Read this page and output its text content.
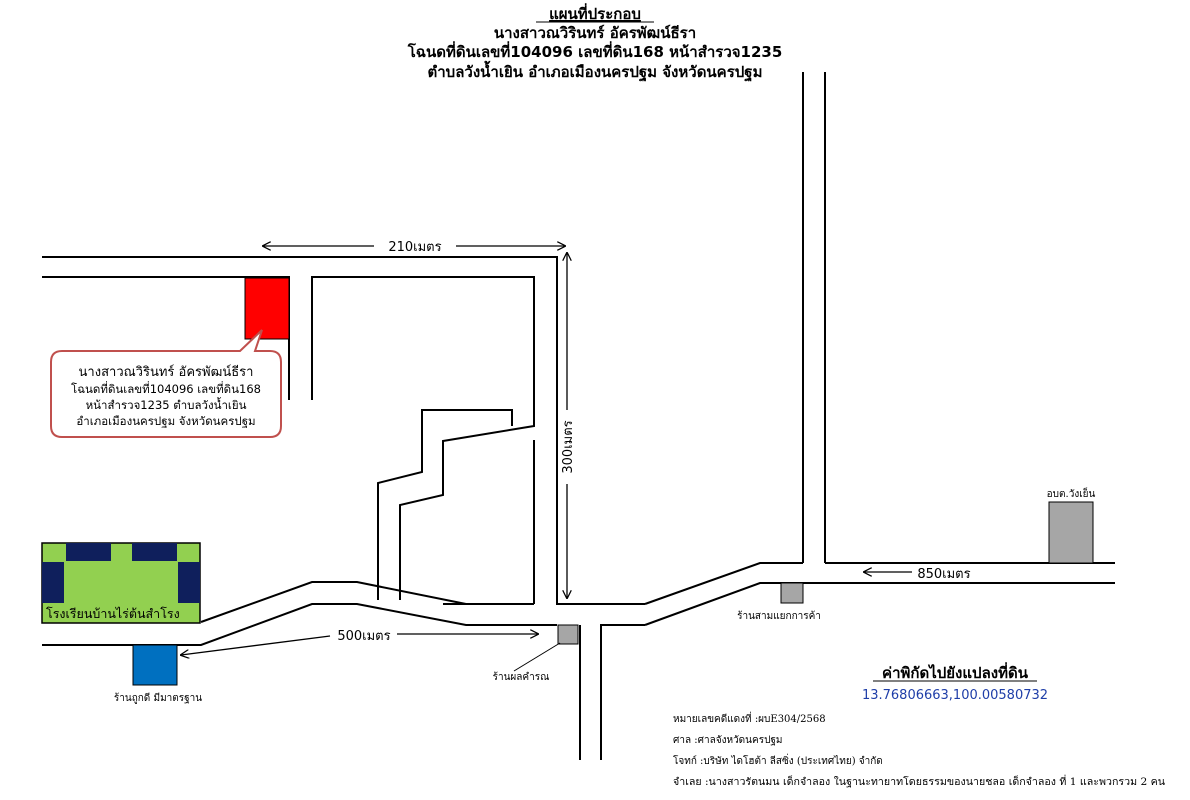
แผนที่ประกอบ
นางสาวณวิรินทร์ อัครพัฒน์ธีรา
โฉนดที่ดินเลขที่104096 เลขที่ดิน168 หน้าสำรวจ1235
ตำบลวังน้ำเยิน อำเภอเมืองนครปฐม จังหวัดนครปฐม
นางสาวณวิรินทร์ อัครพัฒน์ธีรา
โฉนดที่ดินเลขที่104096 เลขที่ดิน168
หน้าสำรวจ1235 ตำบลวังน้ำเยิน
อำเภอเมืองนครปฐม จังหวัดนครปฐม
210เมตร
300เมตร
500เมตร
850เมตร
โรงเรียนบ้านไร่ต้นสำโรง
ร้านถูกดี มีมาตรฐาน
ร้านผลคำรณ
ร้านสามแยกการค้า
อบต.วังเย็น
ค่าพิกัดไปยังแปลงที่ดิน
13.76806663,100.00580732
หมายเลขคดีแดงที่ :ผบE304/2568
ศาล :ศาลจังหวัดนครปฐม
โจทก์ :บริษัท ไดโฮต้า ลีสซิ่ง (ประเทศไทย) จำกัด
จำเลย :นางสาวรัตนมน เด็กจำลอง ในฐานะทายาทโดยธรรมของนายชลอ เด็กจำลอง ที่ 1 และพวกรวม 2 คน
